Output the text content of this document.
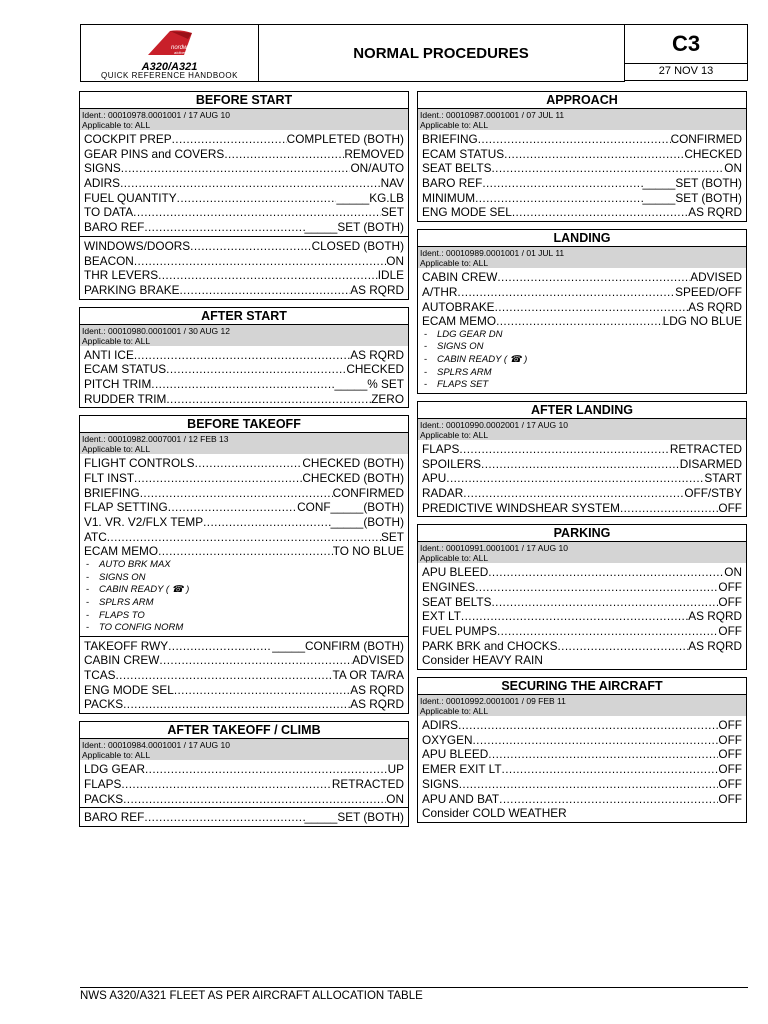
nordwind
airlines
A320/A321
QUICK REFERENCE HANDBOOK
NORMAL PROCEDURES	C3
27 NOV 13
BEFORE START
Ident.: 00010978.0001001 / 17 AUG 10
Applicable to: ALL
COCKPIT PREP .....	COMPLETED (BOTH)
GEAR PINS and COVERS .....	REMOVED
SIGNS .....	ON/AUTO
ADIRS .....	NAV
FUEL QUANTITY .....	_____KG.LB
TO DATA .....	SET
BARO REF .....	_____SET (BOTH)
WINDOWS/DOORS .....	CLOSED (BOTH)
BEACON .....	ON
THR LEVERS .....	IDLE
PARKING BRAKE .....	AS RQRD
AFTER START
Ident.: 00010980.0001001 / 30 AUG 12
Applicable to: ALL
ANTI ICE .....	AS RQRD
ECAM STATUS .....	CHECKED
PITCH TRIM .....	_____% SET
RUDDER TRIM .....	ZERO
BEFORE TAKEOFF
Ident.: 00010982.0007001 / 12 FEB 13
Applicable to: ALL
FLIGHT CONTROLS .....	CHECKED (BOTH)
FLT INST .....	CHECKED (BOTH)
BRIEFING .....	CONFIRMED
FLAP SETTING .....	CONF_____(BOTH)
V1. VR. V2/FLX TEMP .....	_____(BOTH)
ATC .....	SET
ECAM MEMO .....	TO NO BLUE
- AUTO BRK MAX
- SIGNS ON
- CABIN READY ( ☎ )
- SPLRS ARM
- FLAPS TO
- TO CONFIG NORM
TAKEOFF RWY .....	_____CONFIRM (BOTH)
CABIN CREW .....	ADVISED
TCAS .....	TA OR TA/RA
ENG MODE SEL .....	AS RQRD
PACKS .....	AS RQRD
AFTER TAKEOFF / CLIMB
Ident.: 00010984.0001001 / 17 AUG 10
Applicable to: ALL
LDG GEAR .....	UP
FLAPS .....	RETRACTED
PACKS .....	ON
BARO REF .....	_____SET (BOTH)
APPROACH
Ident.: 00010987.0001001 / 07 JUL 11
Applicable to: ALL
BRIEFING .....	CONFIRMED
ECAM STATUS .....	CHECKED
SEAT BELTS .....	ON
BARO REF .....	_____SET (BOTH)
MINIMUM .....	_____SET (BOTH)
ENG MODE SEL .....	AS RQRD
LANDING
Ident.: 00010989.0001001 / 01 JUL 11
Applicable to: ALL
CABIN CREW .....	ADVISED
A/THR .....	SPEED/OFF
AUTOBRAKE .....	AS RQRD
ECAM MEMO .....	LDG NO BLUE
- LDG GEAR DN
- SIGNS ON
- CABIN READY ( ☎ )
- SPLRS ARM
- FLAPS SET
AFTER LANDING
Ident.: 00010990.0002001 / 17 AUG 10
Applicable to: ALL
FLAPS .....	RETRACTED
SPOILERS .....	DISARMED
APU .....	START
RADAR .....	OFF/STBY
PREDICTIVE WINDSHEAR SYSTEM .....	OFF
PARKING
Ident.: 00010991.0001001 / 17 AUG 10
Applicable to: ALL
APU BLEED .....	ON
ENGINES .....	OFF
SEAT BELTS .....	OFF
EXT LT .....	AS RQRD
FUEL PUMPS .....	OFF
PARK BRK and CHOCKS .....	AS RQRD
Consider HEAVY RAIN
SECURING THE AIRCRAFT
Ident.: 00010992.0001001 / 09 FEB 11
Applicable to: ALL
ADIRS .....	OFF
OXYGEN .....	OFF
APU BLEED .....	OFF
EMER EXIT LT .....	OFF
SIGNS .....	OFF
APU AND BAT .....	OFF
Consider COLD WEATHER
NWS A320/A321 FLEET AS PER AIRCRAFT ALLOCATION TABLE
